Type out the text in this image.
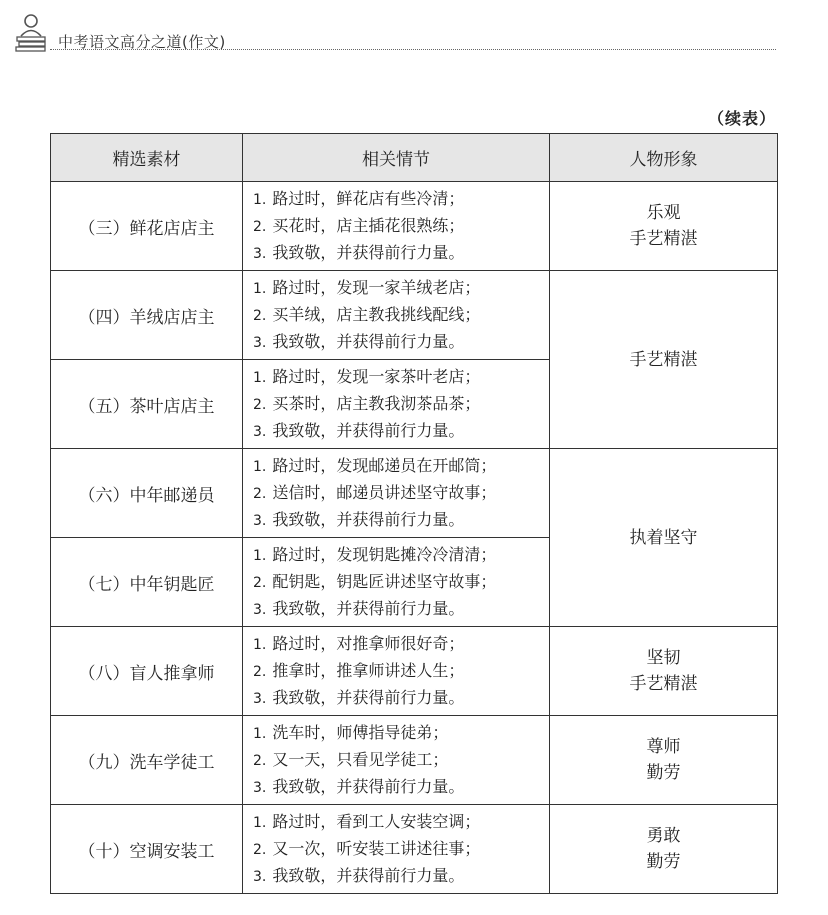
中考语文高分之道(作文)
（续表）
精选素材	相关情节	人物形象
（三）鲜花店店主	1. 路过时，鲜花店有些冷清；
2. 买花时，店主插花很熟练；
3. 我致敬，并获得前行力量。	乐观
手艺精湛

（四）羊绒店店主	1. 路过时，发现一家羊绒老店；
2. 买羊绒，店主教我挑线配线；
3. 我致敬，并获得前行力量。	手艺精湛

（五）茶叶店店主	1. 路过时，发现一家茶叶老店；
2. 买茶时，店主教我沏茶品茶；
3. 我致敬，并获得前行力量。	

（六）中年邮递员	1. 路过时，发现邮递员在开邮筒；
2. 送信时，邮递员讲述坚守故事；
3. 我致敬，并获得前行力量。	执着坚守

（七）中年钥匙匠	1. 路过时，发现钥匙摊冷冷清清；
2. 配钥匙，钥匙匠讲述坚守故事；
3. 我致敬，并获得前行力量。	

（八）盲人推拿师	1. 路过时，对推拿师很好奇；
2. 推拿时，推拿师讲述人生；
3. 我致敬，并获得前行力量。	坚韧
手艺精湛

（九）洗车学徒工	1. 洗车时，师傅指导徒弟；
2. 又一天，只看见学徒工；
3. 我致敬，并获得前行力量。	尊师
勤劳

（十）空调安装工	1. 路过时，看到工人安装空调；
2. 又一次，听安装工讲述往事；
3. 我致敬，并获得前行力量。	勇敢
勤劳
